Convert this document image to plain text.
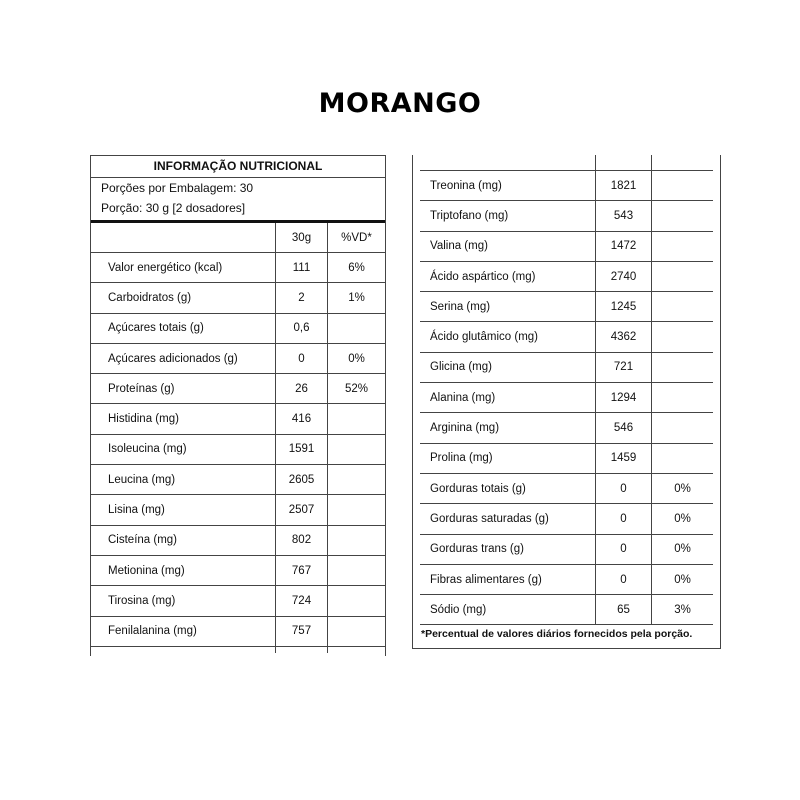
MORANGO
INFORMAÇÃO NUTRICIONAL
Porções por Embalagem: 30
Porção: 30 g [2 dosadores]
	30g	%VD*
Valor energético (kcal)	111	6%
Carboidratos (g)	2	1%
Açúcares totais (g)	0,6	
Açúcares adicionados (g)	0	0%
Proteínas (g)	26	52%
Histidina (mg)	416	
Isoleucina (mg)	1591	
Leucina (mg)	2605	
Lisina (mg)	2507	
Cisteína (mg)	802	
Metionina (mg)	767	
Tirosina (mg)	724	
Fenilalanina (mg)	757	
Treonina (mg)	1821	
Triptofano (mg)	543	
Valina (mg)	1472	
Ácido aspártico (mg)	2740	
Serina (mg)	1245	
Ácido glutâmico (mg)	4362	
Glicina (mg)	721	
Alanina (mg)	1294	
Arginina (mg)	546	
Prolina (mg)	1459	
Gorduras totais (g)	0	0%
Gorduras saturadas (g)	0	0%
Gorduras trans (g)	0	0%
Fibras alimentares (g)	0	0%
Sódio (mg)	65	3%
*Percentual de valores diários fornecidos pela porção.
